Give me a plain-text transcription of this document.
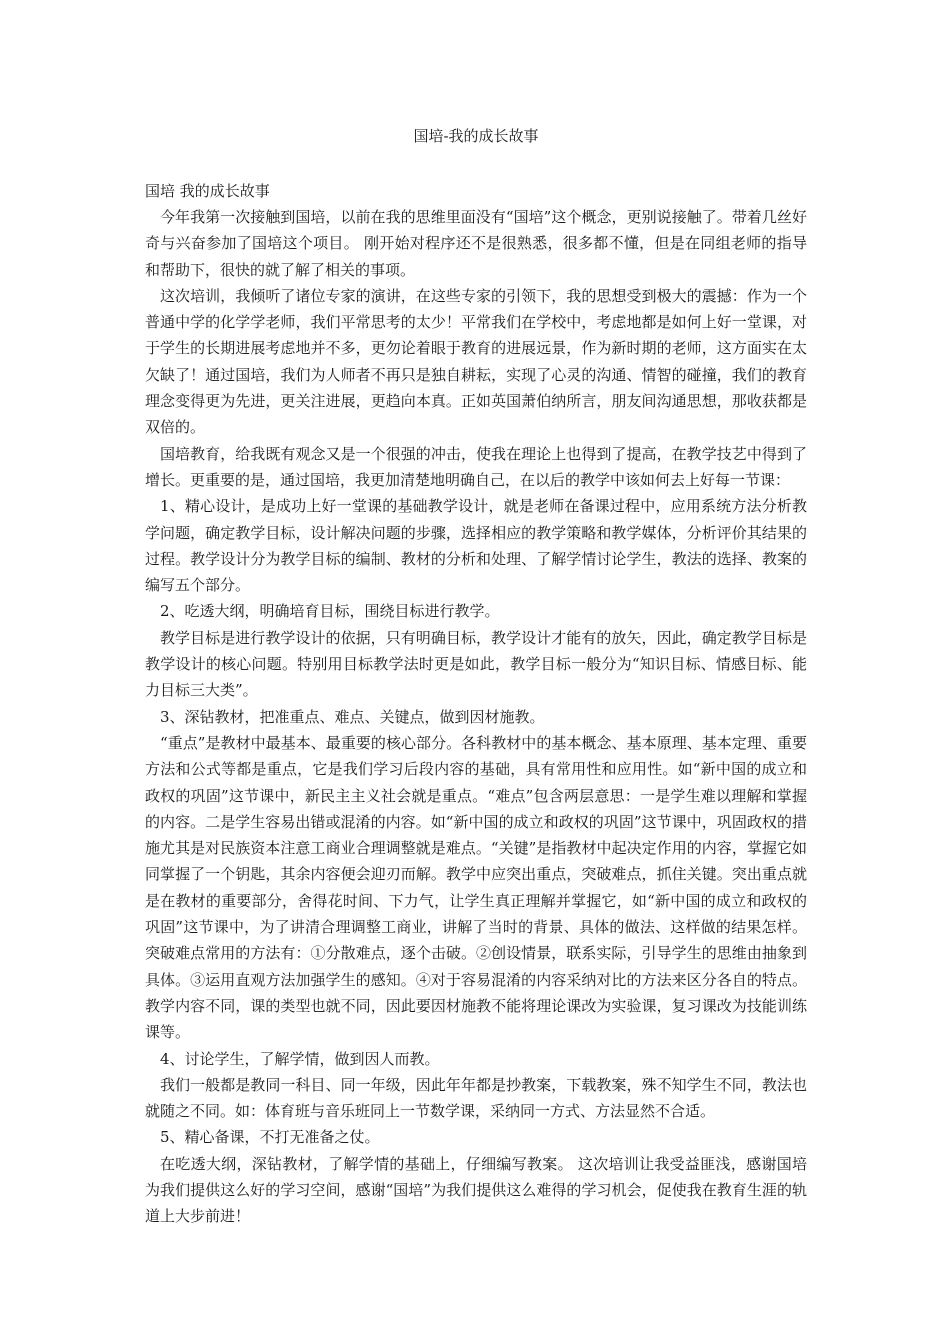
国培-我的成长故事

国培 我的成长故事

今年我第一次接触到国培，以前在我的思维里面没有“国培”这个概念，更别说接触了。带着几丝好奇与兴奋参加了国培这个项目。 刚开始对程序还不是很熟悉，很多都不懂，但是在同组老师的指导和帮助下，很快的就了解了相关的事项。

这次培训，我倾听了诸位专家的演讲，在这些专家的引领下，我的思想受到极大的震撼：作为一个普通中学的化学学老师，我们平常思考的太少！平常我们在学校中，考虑地都是如何上好一堂课，对于学生的长期进展考虑地并不多，更勿论着眼于教育的进展远景，作为新时期的老师，这方面实在太欠缺了！通过国培，我们为人师者不再只是独自耕耘，实现了心灵的沟通、情智的碰撞，我们的教育理念变得更为先进，更关注进展，更趋向本真。正如英国萧伯纳所言，朋友间沟通思想，那收获都是双倍的。

国培教育，给我既有观念又是一个很强的冲击，使我在理论上也得到了提高，在教学技艺中得到了增长。更重要的是，通过国培，我更加清楚地明确自己，在以后的教学中该如何去上好每一节课：

1、精心设计，是成功上好一堂课的基础教学设计，就是老师在备课过程中，应用系统方法分析教学问题，确定教学目标，设计解决问题的步骤，选择相应的教学策略和教学媒体，分析评价其结果的过程。教学设计分为教学目标的编制、教材的分析和处理、了解学情讨论学生，教法的选择、教案的编写五个部分。

2、吃透大纲，明确培育目标，围绕目标进行教学。

教学目标是进行教学设计的依据，只有明确目标，教学设计才能有的放矢，因此，确定教学目标是教学设计的核心问题。特别用目标教学法时更是如此，教学目标一般分为“知识目标、情感目标、能力目标三大类”。

3、深钻教材，把准重点、难点、关键点，做到因材施教。

“重点”是教材中最基本、最重要的核心部分。各科教材中的基本概念、基本原理、基本定理、重要方法和公式等都是重点，它是我们学习后段内容的基础，具有常用性和应用性。如“新中国的成立和政权的巩固”这节课中，新民主主义社会就是重点。“难点”包含两层意思：一是学生难以理解和掌握的内容。二是学生容易出错或混淆的内容。如“新中国的成立和政权的巩固”这节课中，巩固政权的措施尤其是对民族资本注意工商业合理调整就是难点。“关键”是指教材中起决定作用的内容，掌握它如同掌握了一个钥匙，其余内容便会迎刃而解。教学中应突出重点，突破难点，抓住关键。突出重点就是在教材的重要部分，舍得花时间、下力气，让学生真正理解并掌握它，如“新中国的成立和政权的巩固”这节课中，为了讲清合理调整工商业，讲解了当时的背景、具体的做法、这样做的结果怎样。突破难点常用的方法有：①分散难点，逐个击破。②创设情景，联系实际，引导学生的思维由抽象到具体。③运用直观方法加强学生的感知。④对于容易混淆的内容采纳对比的方法来区分各自的特点。教学内容不同，课的类型也就不同，因此要因材施教不能将理论课改为实验课，复习课改为技能训练课等。

4、讨论学生，了解学情，做到因人而教。

我们一般都是教同一科目、同一年级，因此年年都是抄教案，下载教案，殊不知学生不同，教法也就随之不同。如：体育班与音乐班同上一节数学课，采纳同一方式、方法显然不合适。

5、精心备课，不打无准备之仗。

在吃透大纲，深钻教材，了解学情的基础上，仔细编写教案。 这次培训让我受益匪浅，感谢国培为我们提供这么好的学习空间，感谢“国培”为我们提供这么难得的学习机会，促使我在教育生涯的轨道上大步前进！
